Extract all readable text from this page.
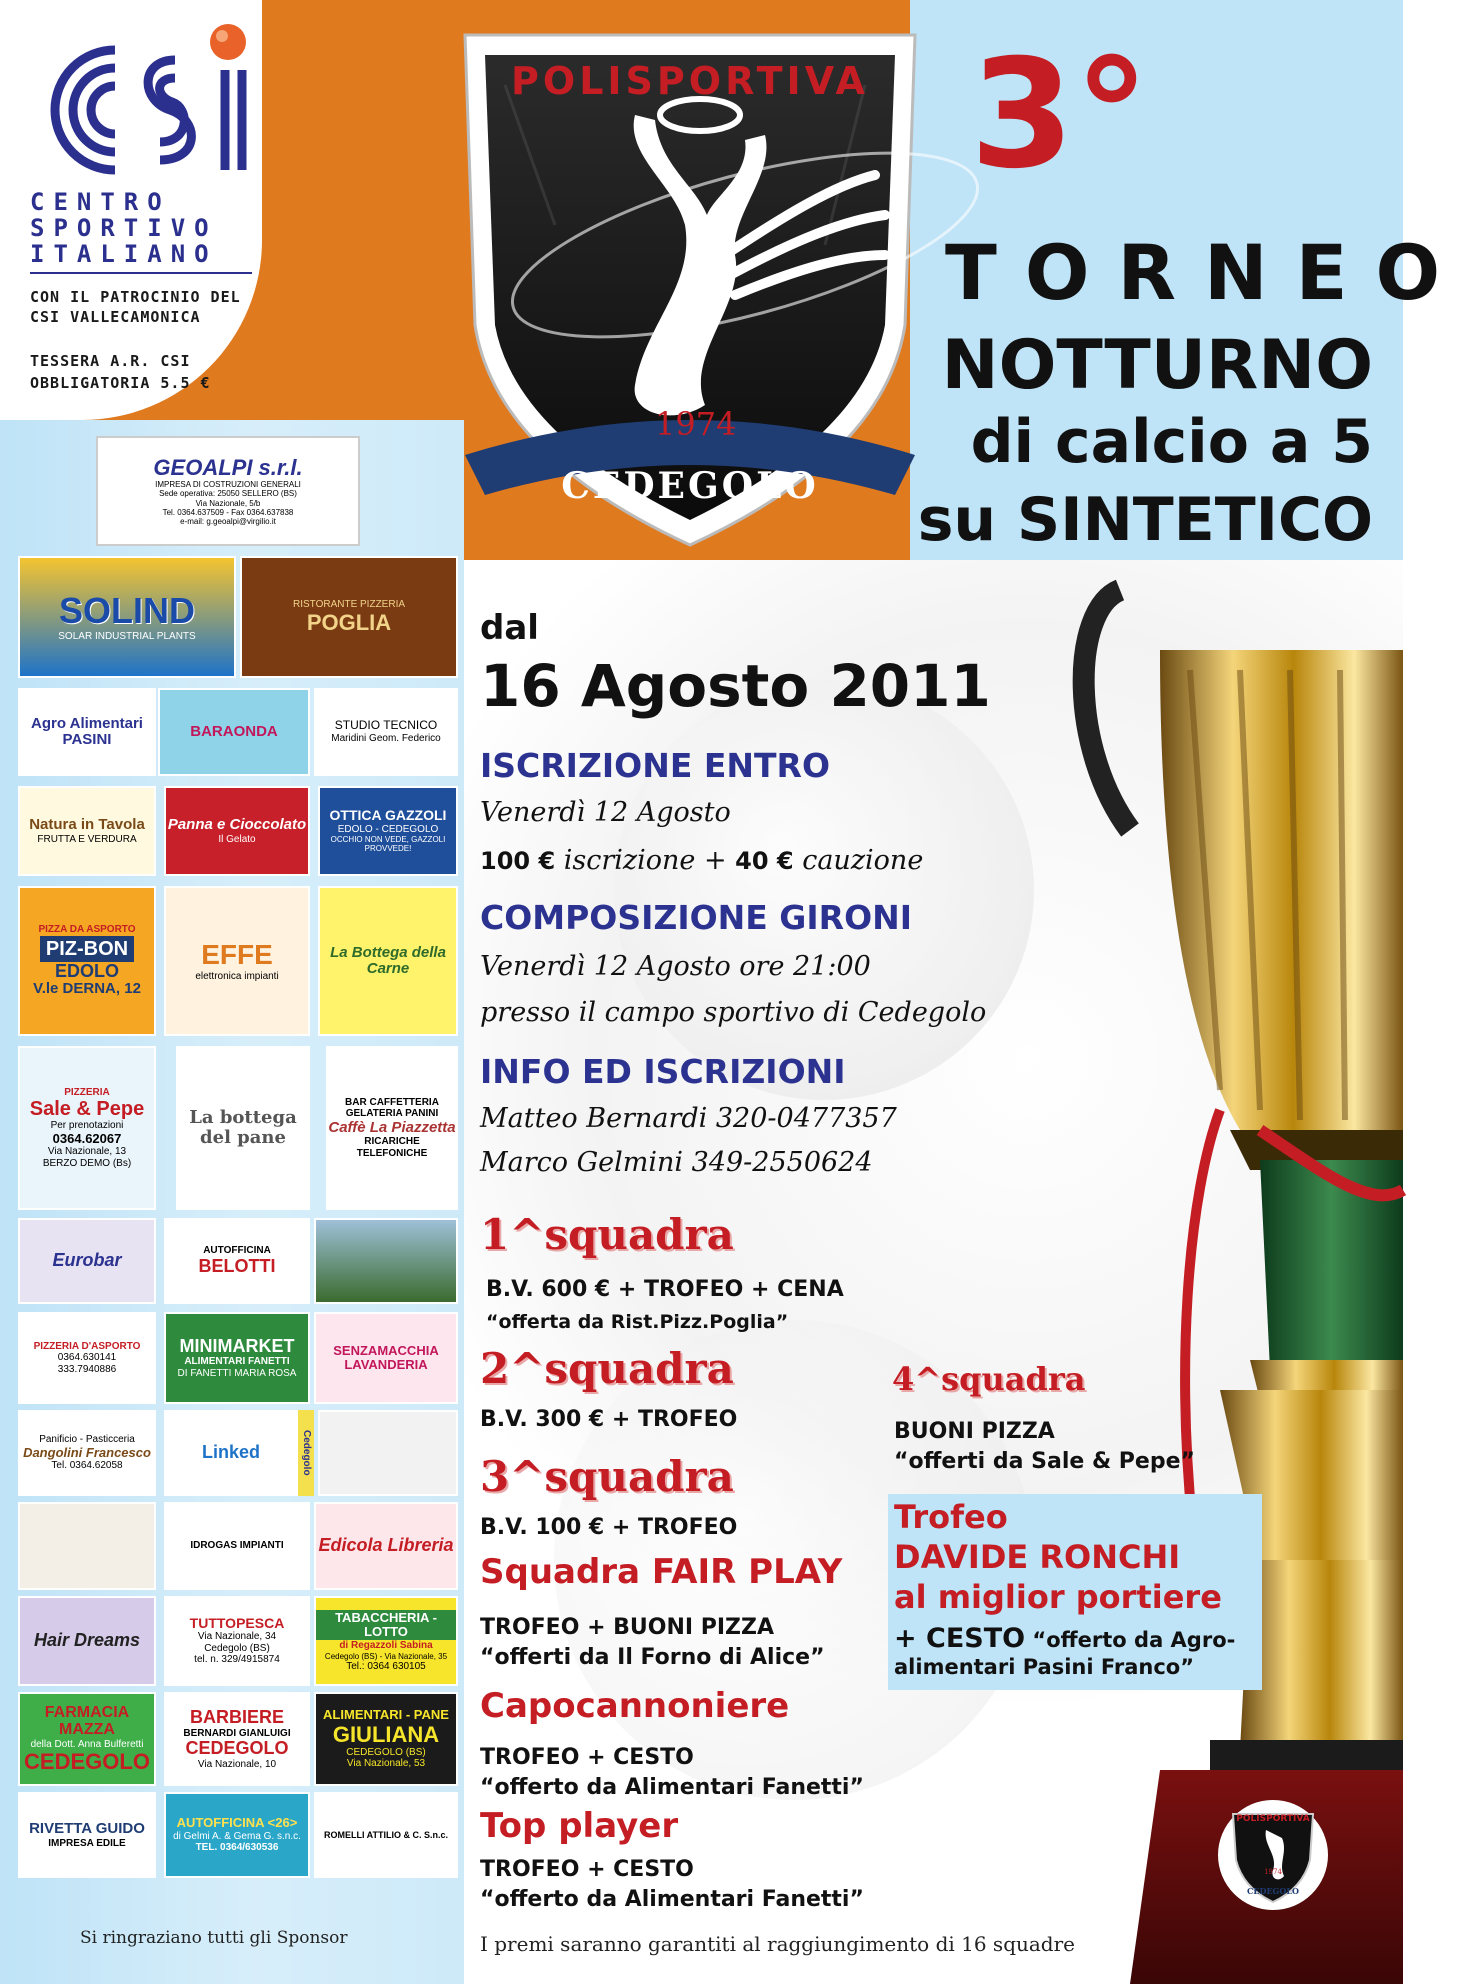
CENTRO
SPORTIVO
ITALIANO
CON IL PATROCINIO DEL
CSI VALLECAMONICA
TESSERA A.R. CSI
OBBLIGATORIA 5.5 €
POLISPORTIVA
1974
CEDEGOLO
3°
TORNEO
NOTTURNO
di calcio a 5
su SINTETICO
GEOALPI s.r.l.
IMPRESA DI COSTRUZIONI GENERALI
Sede operativa: 25050 SELLERO (BS)
Via Nazionale, 5/b
Tel. 0364.637509 - Fax 0364.637838
e-mail: g.geoalpi@virgilio.it
SOLIND
SOLAR INDUSTRIAL PLANTS
RISTORANTE PIZZERIA
POGLIA
Agro Alimentari PASINI	BARAONDA	STUDIO TECNICO
Maridini Geom. Federico
Natura in Tavola
FRUTTA E VERDURA
Panna e Cioccolato
Il Gelato
OTTICA GAZZOLI
EDOLO - CEDEGOLO
OCCHIO NON VEDE, GAZZOLI PROVVEDE!
PIZZA DA ASPORTO
PIZ-BON
EDOLO
V.le DERNA, 12
EFFE
elettronica impianti
La Bottega della Carne
PIZZERIA
Sale & Pepe
Per prenotazioni
0364.62067
Via Nazionale, 13
BERZO DEMO (Bs)
La bottega del pane
BAR CAFFETTERIA GELATERIA PANINI
Caffè La Piazzetta
RICARICHE TELEFONICHE
Eurobar	AUTOFFICINA
BELOTTI
PIZZERIA D'ASPORTO
0364.630141
333.7940886
MINIMARKET
ALIMENTARI FANETTI
DI FANETTI MARIA ROSA
SENZAMACCHIA LAVANDERIA
Panificio - Pasticceria
Dangolini Francesco
Tel. 0364.62058
Linked	Cedegolo
IDROGAS IMPIANTI Edicola Libreria
Hair Dreams
TUTTOPESCA
Via Nazionale, 34
Cedegolo (BS)
tel. n. 329/4915874
TABACCHERIA - LOTTO
di Regazzoli Sabina
Cedegolo (BS) - Via Nazionale, 35
Tel.: 0364 630105
FARMACIA MAZZA
della Dott. Anna Bulferetti
CEDEGOLO
BARBIERE
BERNARDI GIANLUIGI
CEDEGOLO
Via Nazionale, 10
ALIMENTARI - PANE
GIULIANA
CEDEGOLO (BS)
Via Nazionale, 53
RIVETTA GUIDO
IMPRESA EDILE
AUTOFFICINA <26>
di Gelmi A. & Gema G. s.n.c.
TEL. 0364/630536
ROMELLI ATTILIO & C. S.n.c.
Si ringraziano tutti gli Sponsor
dal
16 Agosto 2011
ISCRIZIONE ENTRO
Venerdì 12 Agosto
100 € iscrizione + 40 € cauzione
COMPOSIZIONE GIRONI
Venerdì 12 Agosto ore 21:00
presso il campo sportivo di Cedegolo
INFO ED ISCRIZIONI
Matteo Bernardi 320-0477357
Marco Gelmini 349-2550624
1^squadra
B.V. 600 € + TROFEO + CENA
“offerta da Rist.Pizz.Poglia”
2^squadra
B.V. 300 € + TROFEO
3^squadra
B.V. 100 € + TROFEO
Squadra FAIR PLAY
TROFEO + BUONI PIZZA
“offerti da Il Forno di Alice”
Capocannoniere
TROFEO + CESTO
“offerto da Alimentari Fanetti”
Top player
TROFEO + CESTO
“offerto da Alimentari Fanetti”
I premi saranno garantiti al raggiungimento di 16 squadre
POLISPORTIVA
1974
CEDEGOLO
4^squadra
BUONI PIZZA
“offerti da Sale & Pepe”
Trofeo
DAVIDE RONCHI
al miglior portiere
+ CESTO “offerto da Agro-
alimentari Pasini Franco”
